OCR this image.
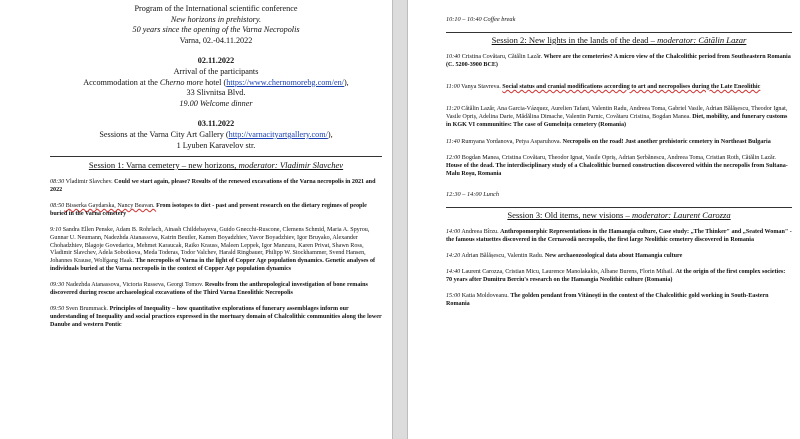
Program of the International scientific conference
New horizons in prehistory.
50 years since the opening of the Varna Necropolis
Varna, 02.-04.11.2022
02.11.2022
Arrival of the participants
Accommodation at the Cherno more hotel (https://www.chernomorebg.com/en/),
33 Slivnitsa Blvd.
19.00 Welcome dinner
03.11.2022
Sessions at the Varna City Art Gallery (http://varnacityartgallery.com/),
1 Lyuben Karavelov str.
Session 1: Varna cemetery – new horizons, moderator: Vladimir Slavchev
08:30 Vladimir Slavchev. Could we start again, please? Results of the renewed excavations of the Varna necropolis in 2021 and 2022
08:50 Bisserka Gaydarska, Nancy Beavan. From isotopes to diet - past and present research on the dietary regimes of people buried in the Varna cemetery
9:10 Sandra Ellen Penske, Adam B. Rohrlach, Ainash Childebayeva, Guido Gnecchi-Ruscone, Clemens Schmid, Maria A. Spyrou, Gunnar U. Neumann, Nadezhda Atanassova, Katrin Beutler, Kamen Boyadzhiev, Yavor Boyadzhiev, Igor Bruyako, Alexander Chohadzhiev, Blagoje Govedarica, Mehmet Karaucak, Raiko Krauss, Maleen Leppek, Igor Manzura, Karen Privat, Shawn Ross, Vladimir Slavchev, Adela Sobotkova, Meda Toderas, Todor Valchev, Harald Ringbauer, Philipp W. Stockhammer, Svend Hansen, Johannes Krause, Wolfgang Haak. The necropolis of Varna in the light of Copper Age population dynamics. Genetic analyses of individuals buried at the Varna necropolis in the context of Copper Age population dynamics
09:30 Nadezhda Atanassova, Victoria Russeva, Georgi Tomov. Results from the anthropological investigation of bone remains discovered during rescue archaeological excavations of the Third Varna Eneolithic Necropolis
09:50 Sven Brummack. Principles of Inequality – how quantitative explorations of funerary assemblages inform our understanding of Inequality and social practices expressed in the mortuary domain of Chalcolithic communities along the lower Danube and western Pontic
10:10 – 10:40 Coffee break
Session 2: New lights in the lands of the dead – moderator: Cătălin Lazar
10:40 Cristina Covătaru, Cătălin Lazăr. Where are the cemeteries? A micro view of the Chalcolithic period from Southeastern Romania (C. 5200-3900 BCE)
11:00 Vanya Stavreva. Social status and cranial modifications according to art and necropolises during the Late Eneolithic
11:20 Cătălin Lazăr, Ana Garcia-Vázquez, Aurelien Tafani, Valentin Radu, Andreea Toma, Gabriel Vasile, Adrian Bălășescu, Theodor Ignat, Vasile Opriș, Adelina Darie, Mădălina Dimache, Valentin Parnic, Covătaru Cristina, Bogdan Manea. Diet, mobility, and funerary customs in KGK VI communities: The case of Gumelnița cemetery (Romania)
11:40 Rumyana Yordanova, Petya Asparuhova. Necropolis on the road! Just another prehistoric cemetery in Northeast Bulgaria
12:00 Bogdan Manea, Cristina Covătaru, Theodor Ignat, Vasile Opriș, Adrian Șerbănescu, Andreea Toma, Cristian Roth, Cătălin Lazăr. House of the dead. The interdisciplinary study of a Chalcolithic burned construction discovered within the necropolis from Sultana-Malu Roșu, Romania
12:30 – 14:00 Lunch
Session 3: Old items, new visions – moderator: Laurent Carozza
14:00 Andreea Bîrzu. Anthropomorphic Representations in the Hamangia culture, Case study: „The Thinker" and „Seated Woman" - the famous statuettes discovered in the Cernavodă necropolis, the first large Neolithic cemetery discovered in Romania
14:20 Adrian Bălășescu, Valentin Radu. New archaeozoological data about Hamangia culture
14:40 Laurent Carozza, Cristian Micu, Laurence Manolakakis, Albane Burens, Florin Mihail. At the origin of the first complex societies: 70 years after Dumitru Berciu's research on the Hamangia Neolithic culture (Romania)
15:00 Katia Moldoveanu. The golden pendant from Vităneşti in the context of the Chalcolithic gold working in South-Eastern Romania
